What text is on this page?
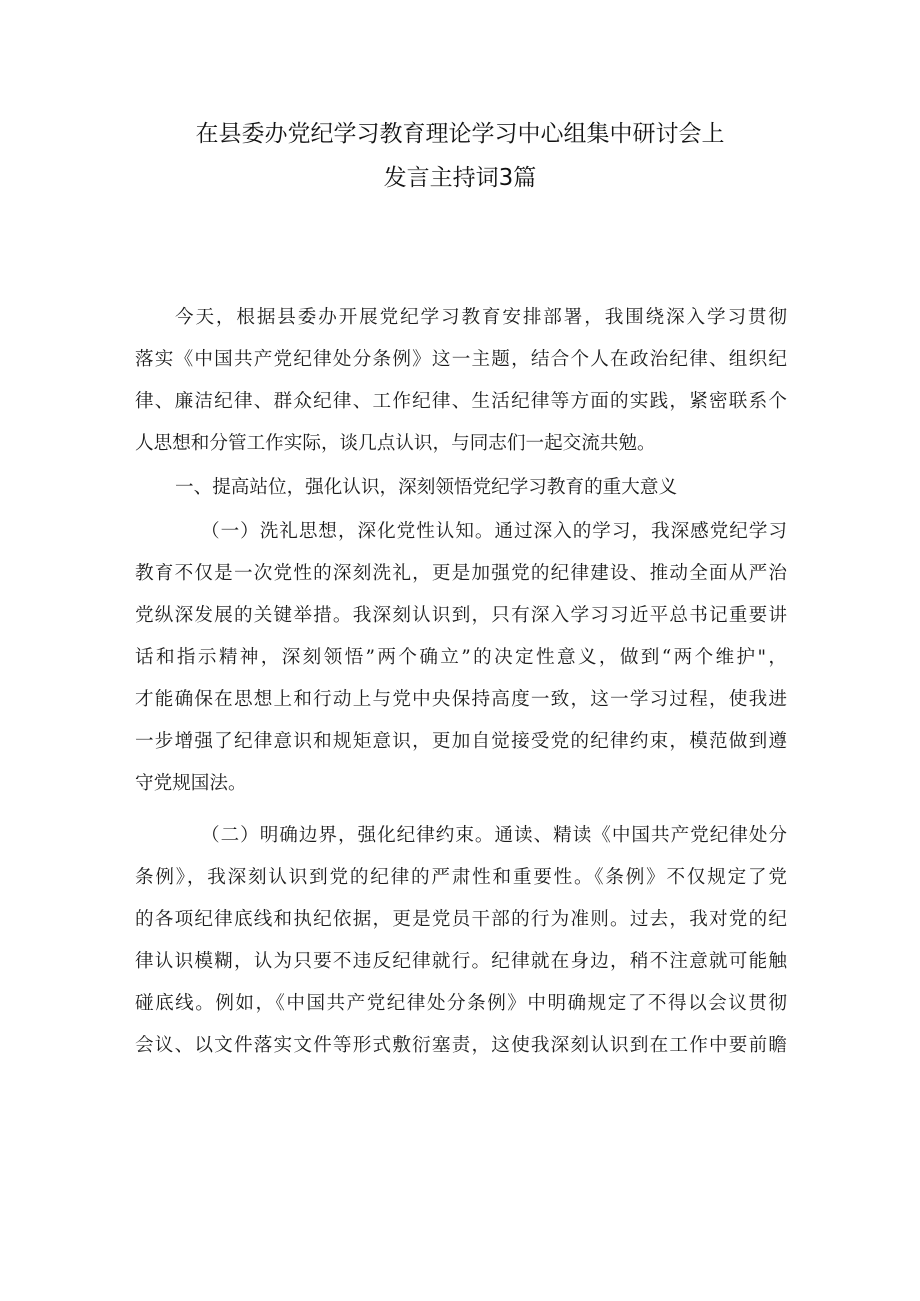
在县委办党纪学习教育理论学习中心组集中研讨会上
发言主持词3篇
今天，根据县委办开展党纪学习教育安排部署，我围绕深入学习贯彻
落实《中国共产党纪律处分条例》这一主题，结合个人在政治纪律、组织纪
律、廉洁纪律、群众纪律、工作纪律、生活纪律等方面的实践，紧密联系个
人思想和分管工作实际，谈几点认识，与同志们一起交流共勉。
一、提高站位，强化认识，深刻领悟党纪学习教育的重大意义
（一）洗礼思想，深化党性认知。通过深入的学习，我深感党纪学习
教育不仅是一次党性的深刻洗礼，更是加强党的纪律建设、推动全面从严治
党纵深发展的关键举措。我深刻认识到，只有深入学习习近平总书记重要讲
话和指示精神，深刻领悟”两个确立”的决定性意义，做到“两个维护"，
才能确保在思想上和行动上与党中央保持高度一致，这一学习过程，使我进
一步增强了纪律意识和规矩意识，更加自觉接受党的纪律约束，模范做到遵
守党规国法。
（二）明确边界，强化纪律约束。通读、精读《中国共产党纪律处分
条例》，我深刻认识到党的纪律的严肃性和重要性。《条例》不仅规定了党
的各项纪律底线和执纪依据，更是党员干部的行为准则。过去，我对党的纪
律认识模糊，认为只要不违反纪律就行。纪律就在身边，稍不注意就可能触
碰底线。例如，《中国共产党纪律处分条例》中明确规定了不得以会议贯彻
会议、以文件落实文件等形式敷衍塞责，这使我深刻认识到在工作中要前瞻
